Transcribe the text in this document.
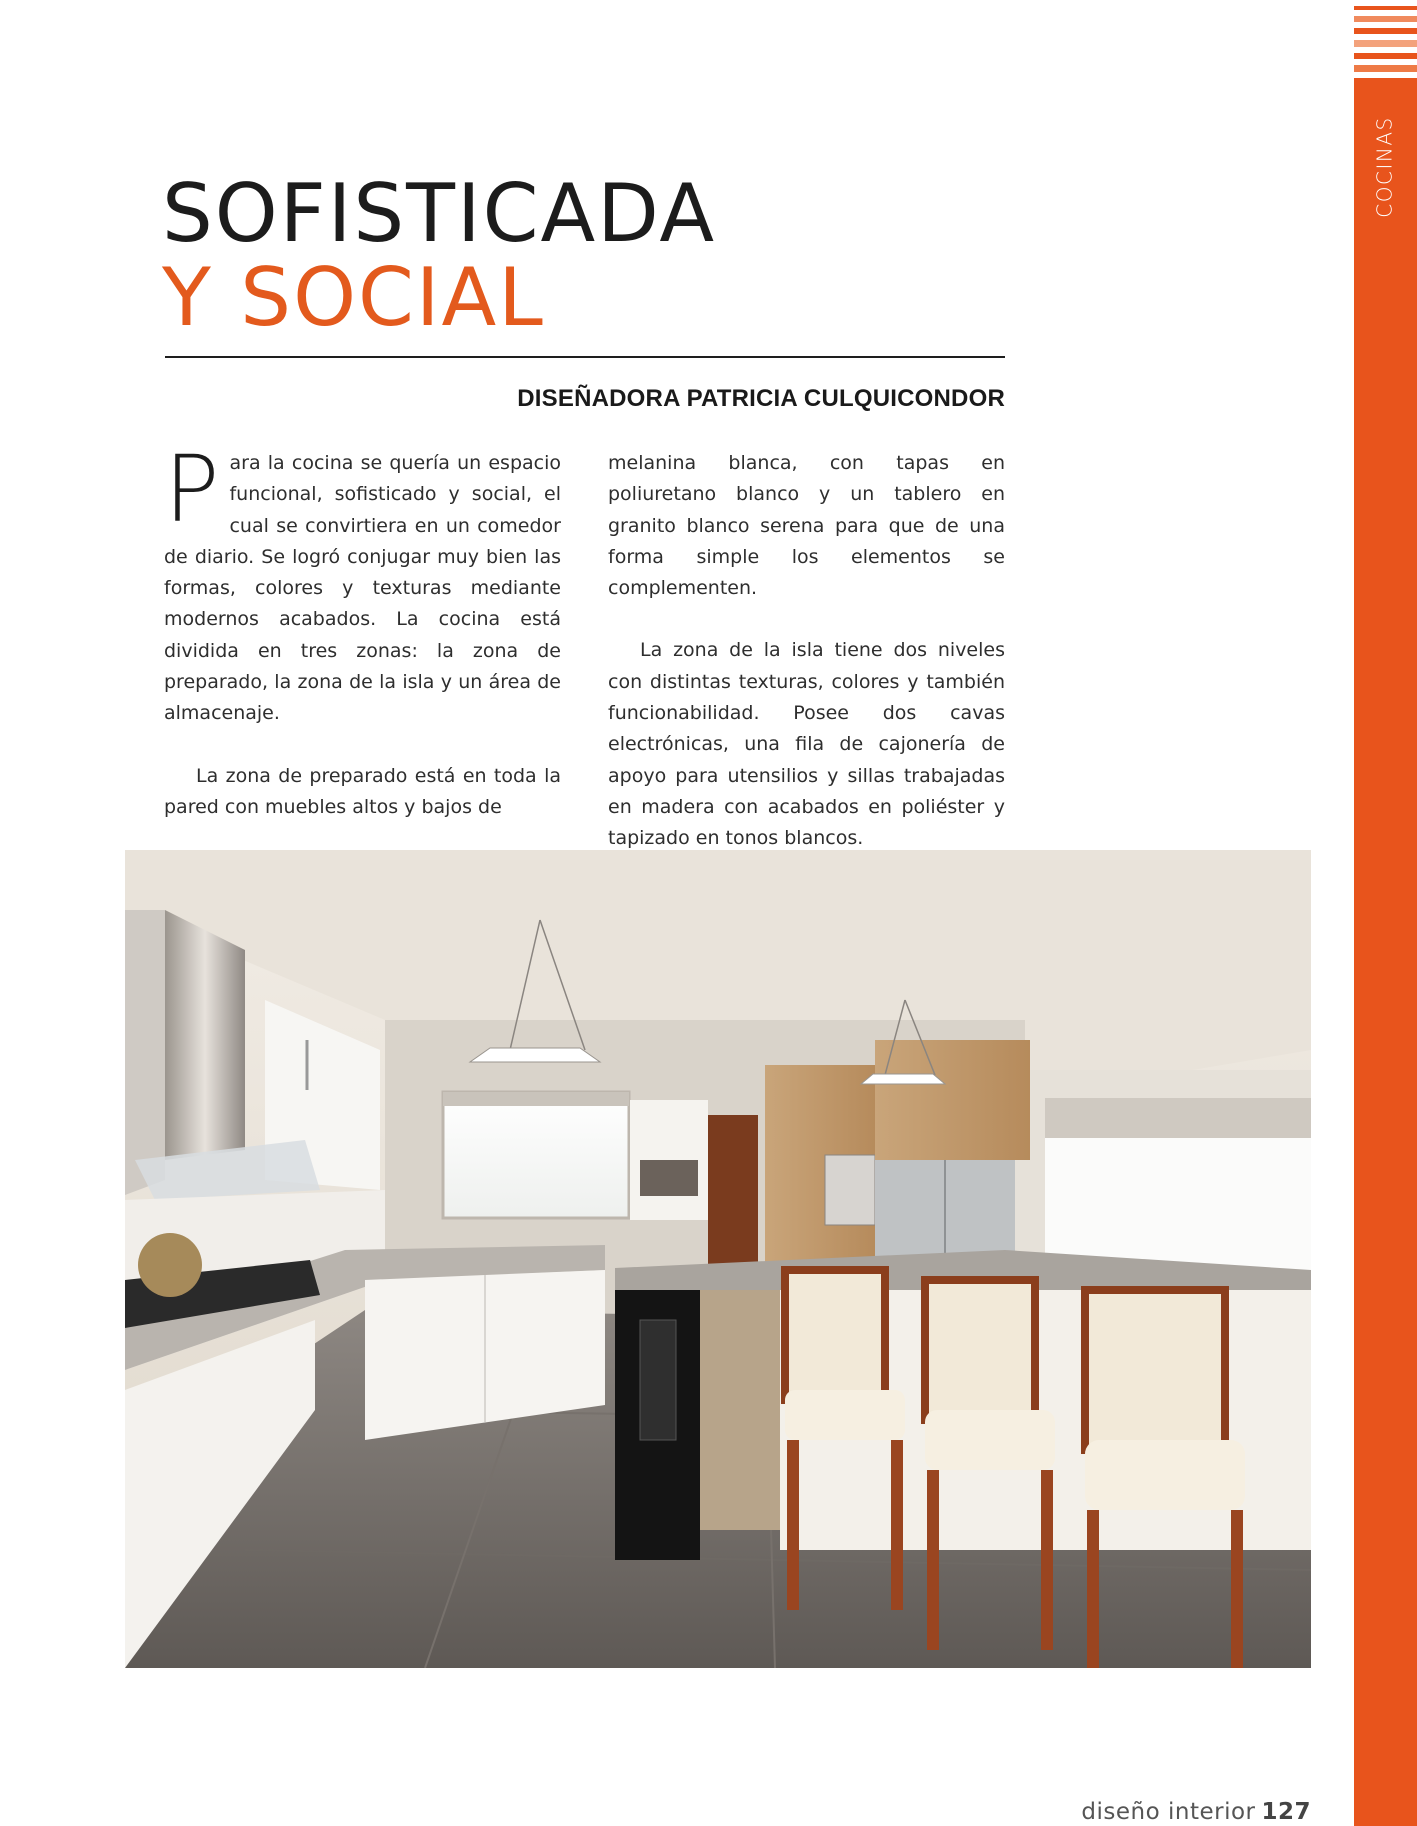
COCINAS
SOFISTICADA
Y SOCIAL
DISEÑADORA PATRICIA CULQUICONDOR

Para la cocina se quería un espacio funcional, sofisticado y social, el cual se convirtiera en un comedor de diario. Se logró conjugar muy bien las formas, colores y texturas mediante modernos acabados. La cocina está dividida en tres zonas: la zona de preparado, la zona de la isla y un área de almacenaje.

La zona de preparado está en toda la pared con muebles altos y bajos de

melanina blanca, con tapas en poliuretano blanco y un tablero en granito blanco serena para que de una forma simple los elementos se complementen.

La zona de la isla tiene dos niveles con distintas texturas, colores y también funcionabilidad. Posee dos cavas electrónicas, una fila de cajonería de apoyo para utensilios y sillas trabajadas en madera con acabados en poliéster y tapizado en tonos blancos.

diseño interior 127
